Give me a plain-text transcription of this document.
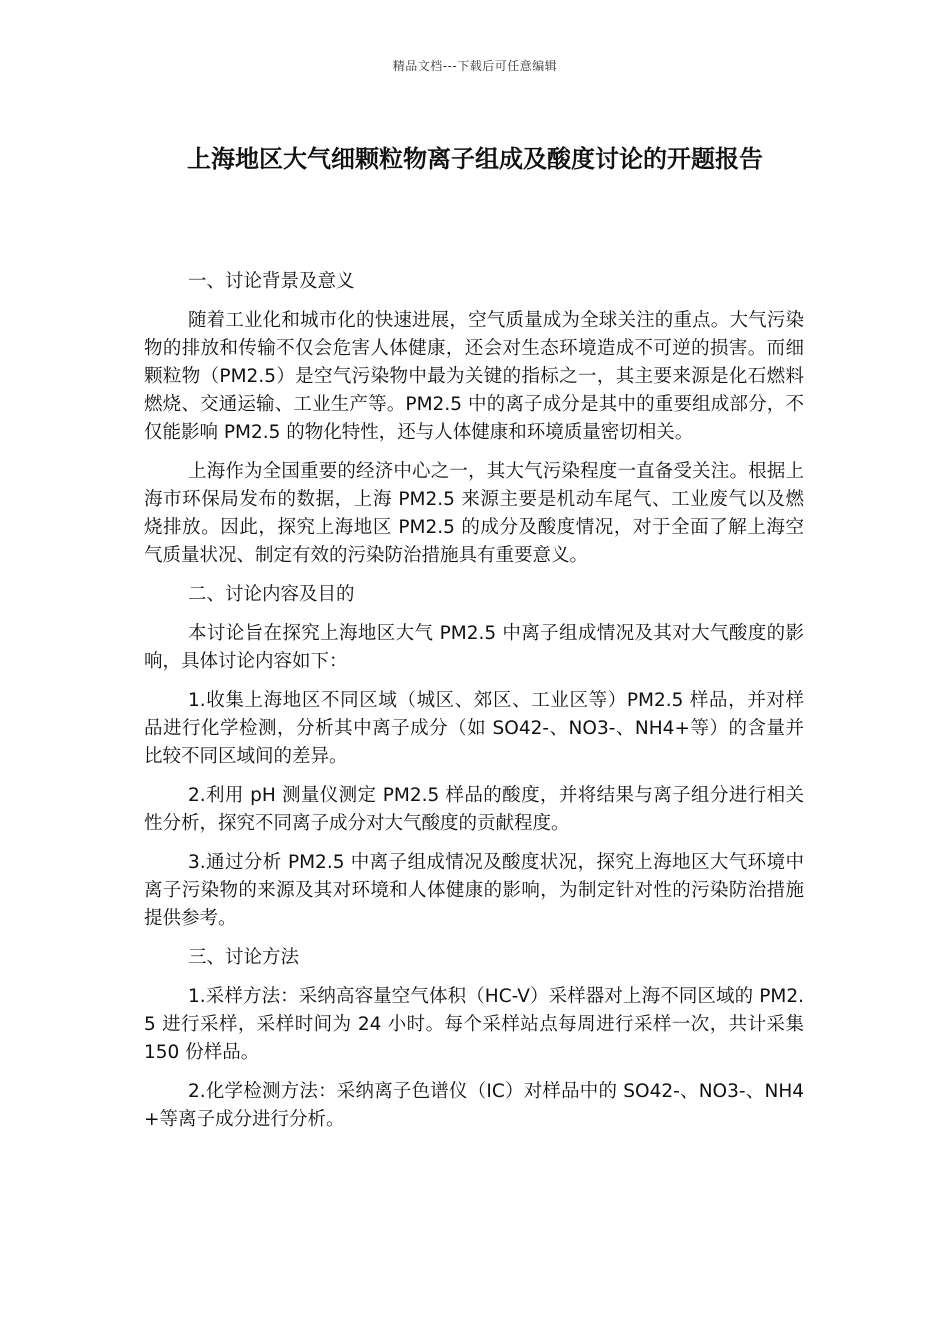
精品文档---下载后可任意编辑
上海地区大气细颗粒物离子组成及酸度讨论的开题报告

一、讨论背景及意义

随着工业化和城市化的快速进展，空气质量成为全球关注的重点。大气污染物的排放和传输不仅会危害人体健康，还会对生态环境造成不可逆的损害。而细颗粒物（PM2.5）是空气污染物中最为关键的指标之一，其主要来源是化石燃料燃烧、交通运输、工业生产等。PM2.5 中的离子成分是其中的重要组成部分，不仅能影响 PM2.5 的物化特性，还与人体健康和环境质量密切相关。

上海作为全国重要的经济中心之一，其大气污染程度一直备受关注。根据上海市环保局发布的数据，上海 PM2.5 来源主要是机动车尾气、工业废气以及燃烧排放。因此，探究上海地区 PM2.5 的成分及酸度情况，对于全面了解上海空气质量状况、制定有效的污染防治措施具有重要意义。

二、讨论内容及目的

本讨论旨在探究上海地区大气 PM2.5 中离子组成情况及其对大气酸度的影响，具体讨论内容如下：

1.收集上海地区不同区域（城区、郊区、工业区等）PM2.5 样品，并对样品进行化学检测，分析其中离子成分（如 SO42-、NO3-、NH4+等）的含量并比较不同区域间的差异。

2.利用 pH 测量仪测定 PM2.5 样品的酸度，并将结果与离子组分进行相关性分析，探究不同离子成分对大气酸度的贡献程度。

3.通过分析 PM2.5 中离子组成情况及酸度状况，探究上海地区大气环境中离子污染物的来源及其对环境和人体健康的影响，为制定针对性的污染防治措施提供参考。

三、讨论方法

1.采样方法：采纳高容量空气体积（HC-V）采样器对上海不同区域的 PM2.5 进行采样，采样时间为 24 小时。每个采样站点每周进行采样一次，共计采集 150 份样品。

2.化学检测方法：采纳离子色谱仪（IC）对样品中的 SO42-、NO3-、NH4+等离子成分进行分析。
